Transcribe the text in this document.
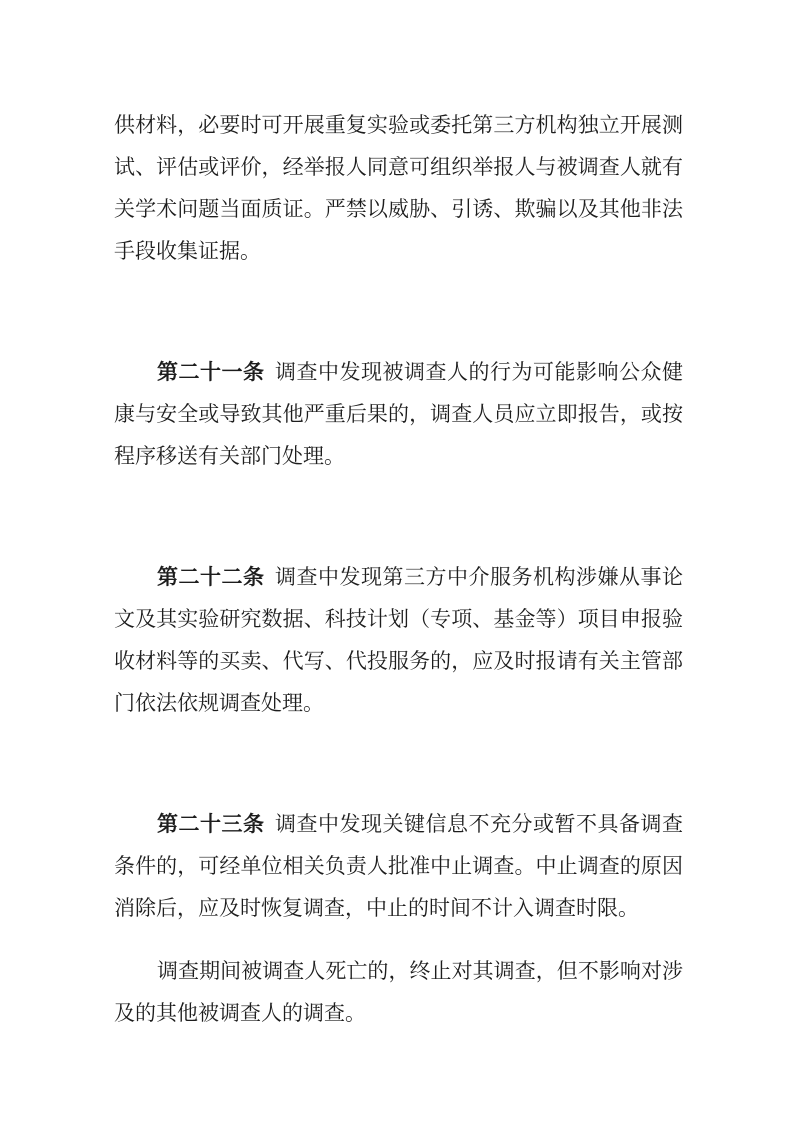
供材料，必要时可开展重复实验或委托第三方机构独立开展测试、评估或评价，经举报人同意可组织举报人与被调查人就有关学术问题当面质证。严禁以威胁、引诱、欺骗以及其他非法手段收集证据。

第二十一条 调查中发现被调查人的行为可能影响公众健康与安全或导致其他严重后果的，调查人员应立即报告，或按程序移送有关部门处理。

第二十二条 调查中发现第三方中介服务机构涉嫌从事论文及其实验研究数据、科技计划（专项、基金等）项目申报验收材料等的买卖、代写、代投服务的，应及时报请有关主管部门依法依规调查处理。

第二十三条 调查中发现关键信息不充分或暂不具备调查条件的，可经单位相关负责人批准中止调查。中止调查的原因消除后，应及时恢复调查，中止的时间不计入调查时限。

调查期间被调查人死亡的，终止对其调查，但不影响对涉及的其他被调查人的调查。
